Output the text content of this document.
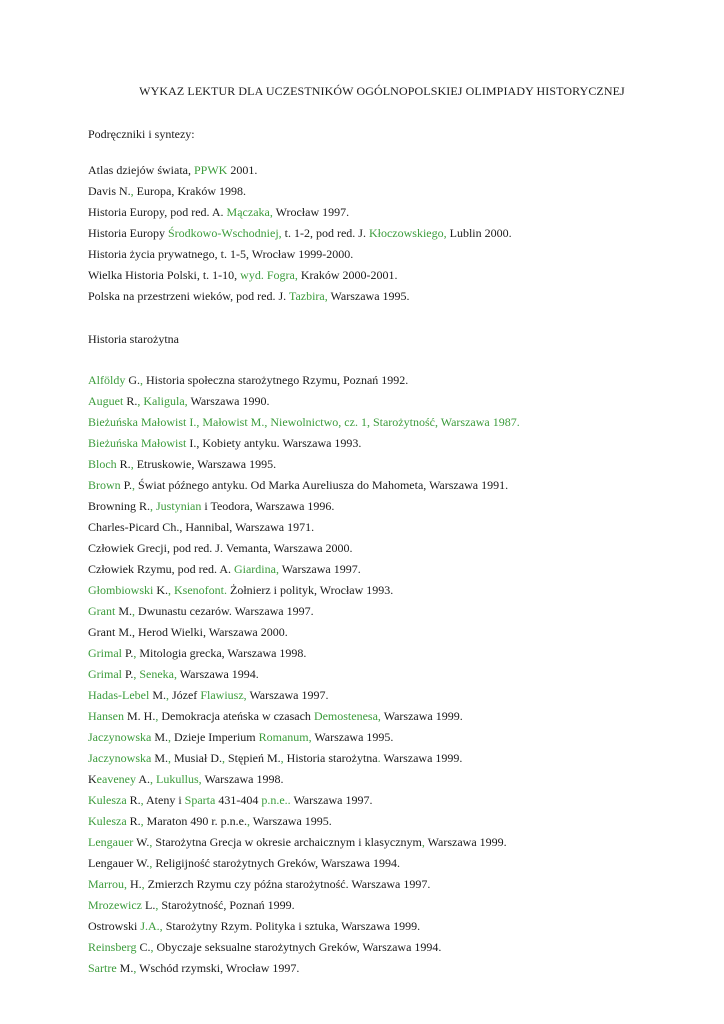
WYKAZ LEKTUR DLA UCZESTNIKÓW OGÓLNOPOLSKIEJ OLIMPIADY HISTORYCZNEJ
Podręczniki i syntezy:
Atlas dziejów świata, PPWK 2001.
Davis N., Europa, Kraków 1998.
Historia Europy, pod red. A. Mączaka, Wrocław 1997.
Historia Europy Środkowo-Wschodniej, t. 1-2, pod red. J. Kłoczowskiego, Lublin 2000.
Historia życia prywatnego, t. 1-5, Wrocław 1999-2000.
Wielka Historia Polski, t. 1-10, wyd. Fogra, Kraków 2000-2001.
Polska na przestrzeni wieków, pod red. J. Tazbira, Warszawa 1995.
Historia starożytna
Alföldy G., Historia społeczna starożytnego Rzymu, Poznań 1992.
Auguet R., Kaligula, Warszawa 1990.
Bieżuńska Małowist I., Małowist M., Niewolnictwo, cz. 1, Starożytność, Warszawa 1987.
Bieżuńska Małowist I., Kobiety antyku. Warszawa 1993.
Bloch R., Etruskowie, Warszawa 1995.
Brown P., Świat późnego antyku. Od Marka Aureliusza do Mahometa, Warszawa 1991.
Browning R., Justynian i Teodora, Warszawa 1996.
Charles-Picard Ch., Hannibal, Warszawa 1971.
Człowiek Grecji, pod red. J. Vemanta, Warszawa 2000.
Człowiek Rzymu, pod red. A. Giardina, Warszawa 1997.
Głombiowski K., Ksenofont. Żołnierz i polityk, Wrocław 1993.
Grant M., Dwunastu cezarów. Warszawa 1997.
Grant M., Herod Wielki, Warszawa 2000.
Grimal P., Mitologia grecka, Warszawa 1998.
Grimal P., Seneka, Warszawa 1994.
Hadas-Lebel M., Józef Flawiusz, Warszawa 1997.
Hansen M. H., Demokracja ateńska w czasach Demostenesa, Warszawa 1999.
Jaczynowska M., Dzieje Imperium Romanum, Warszawa 1995.
Jaczynowska M., Musiał D., Stępień M., Historia starożytna. Warszawa 1999.
Keaveney A., Lukullus, Warszawa 1998.
Kulesza R., Ateny i Sparta 431-404 p.n.e.. Warszawa 1997.
Kulesza R., Maraton 490 r. p.n.e., Warszawa 1995.
Lengauer W., Starożytna Grecja w okresie archaicznym i klasycznym, Warszawa 1999.
Lengauer W., Religijność starożytnych Greków, Warszawa 1994.
Marrou, H., Zmierzch Rzymu czy późna starożytność. Warszawa 1997.
Mrozewicz L., Starożytność, Poznań 1999.
Ostrowski J.A., Starożytny Rzym. Polityka i sztuka, Warszawa 1999.
Reinsberg C., Obyczaje seksualne starożytnych Greków, Warszawa 1994.
Sartre M., Wschód rzymski, Wrocław 1997.
